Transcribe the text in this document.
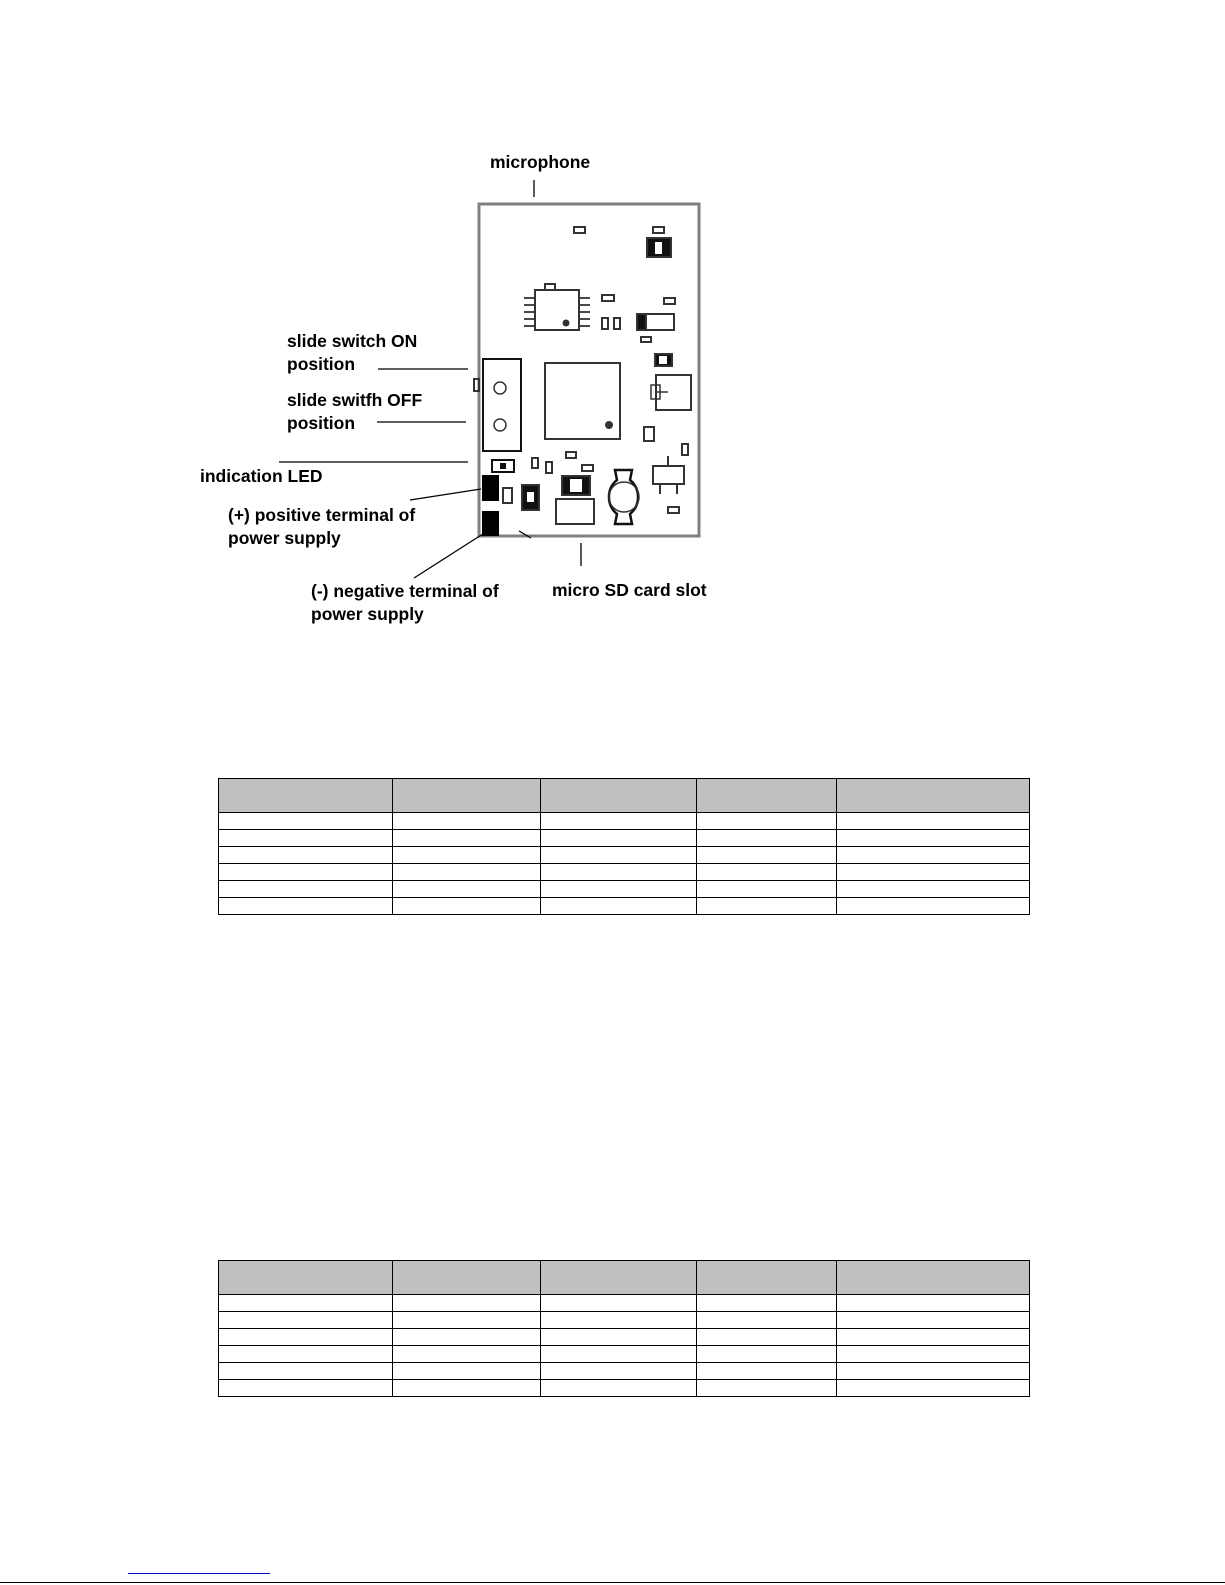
microphone
slide switch ON
position
slide switfh OFF
position
indication LED
(+) positive terminal of
power supply
(-) negative terminal of
power supply
micro SD card slot
